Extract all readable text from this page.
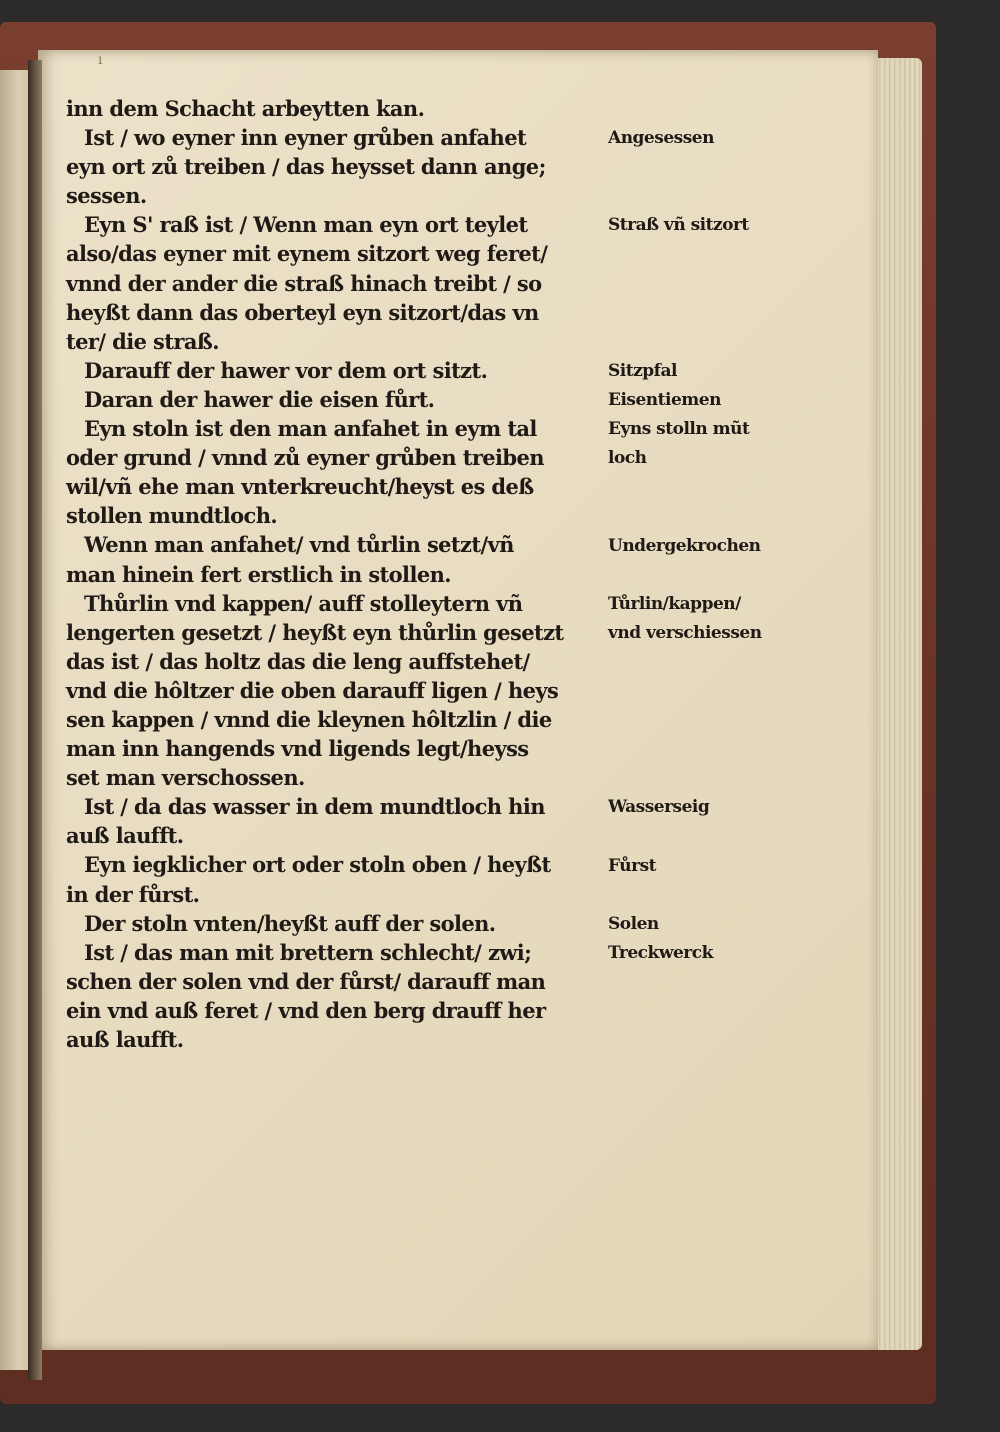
ı
inn dem Schacht arbeytten kan.
Ist / wo eyner inn eyner grůben anfahet
eyn ort zů treiben / das heysset dann ange;
sessen.
Eyn S' raß ist / Wenn man eyn ort teylet
also/das eyner mit eynem sitzort weg feret/
vnnd der ander die straß hinach treibt / so
heyßt dann das oberteyl eyn sitzort/das vn
ter/ die straß.
Darauff der hawer vor dem ort sitzt.
Daran der hawer die eisen fůrt.
Eyn stoln ist den man anfahet in eym tal
oder grund / vnnd zů eyner grůben treiben
wil/vñ ehe man vnterkreucht/heyst es deß
stollen mundtloch.
Wenn man anfahet/ vnd tůrlin setzt/vñ
man hinein fert erstlich in stollen.
Thůrlin vnd kappen/ auff stolleytern vñ
lengerten gesetzt / heyßt eyn thůrlin gesetzt
das ist / das holtz das die leng auffstehet/
vnd die hôltzer die oben darauff ligen / heys
sen kappen / vnnd die kleynen hôltzlin / die
man inn hangends vnd ligends legt/heyss
set man verschossen.
Ist / da das wasser in dem mundtloch hin
auß laufft.
Eyn iegklicher ort oder stoln oben / heyßt
in der fůrst.
Der stoln vnten/heyßt auff der solen.
Ist / das man mit brettern schlecht/ zwi;
schen der solen vnd der fůrst/ darauff man
ein vnd auß feret / vnd den berg drauff her
auß laufft.
Angesessen
Straß vñ sitzort
Sitzpfal
Eisentiemen
Eyns stolln mũt
loch
Undergekrochen
Tůrlin/kappen/
vnd verschiessen
Wasserseig
Fůrst
Solen
Treckwerck
